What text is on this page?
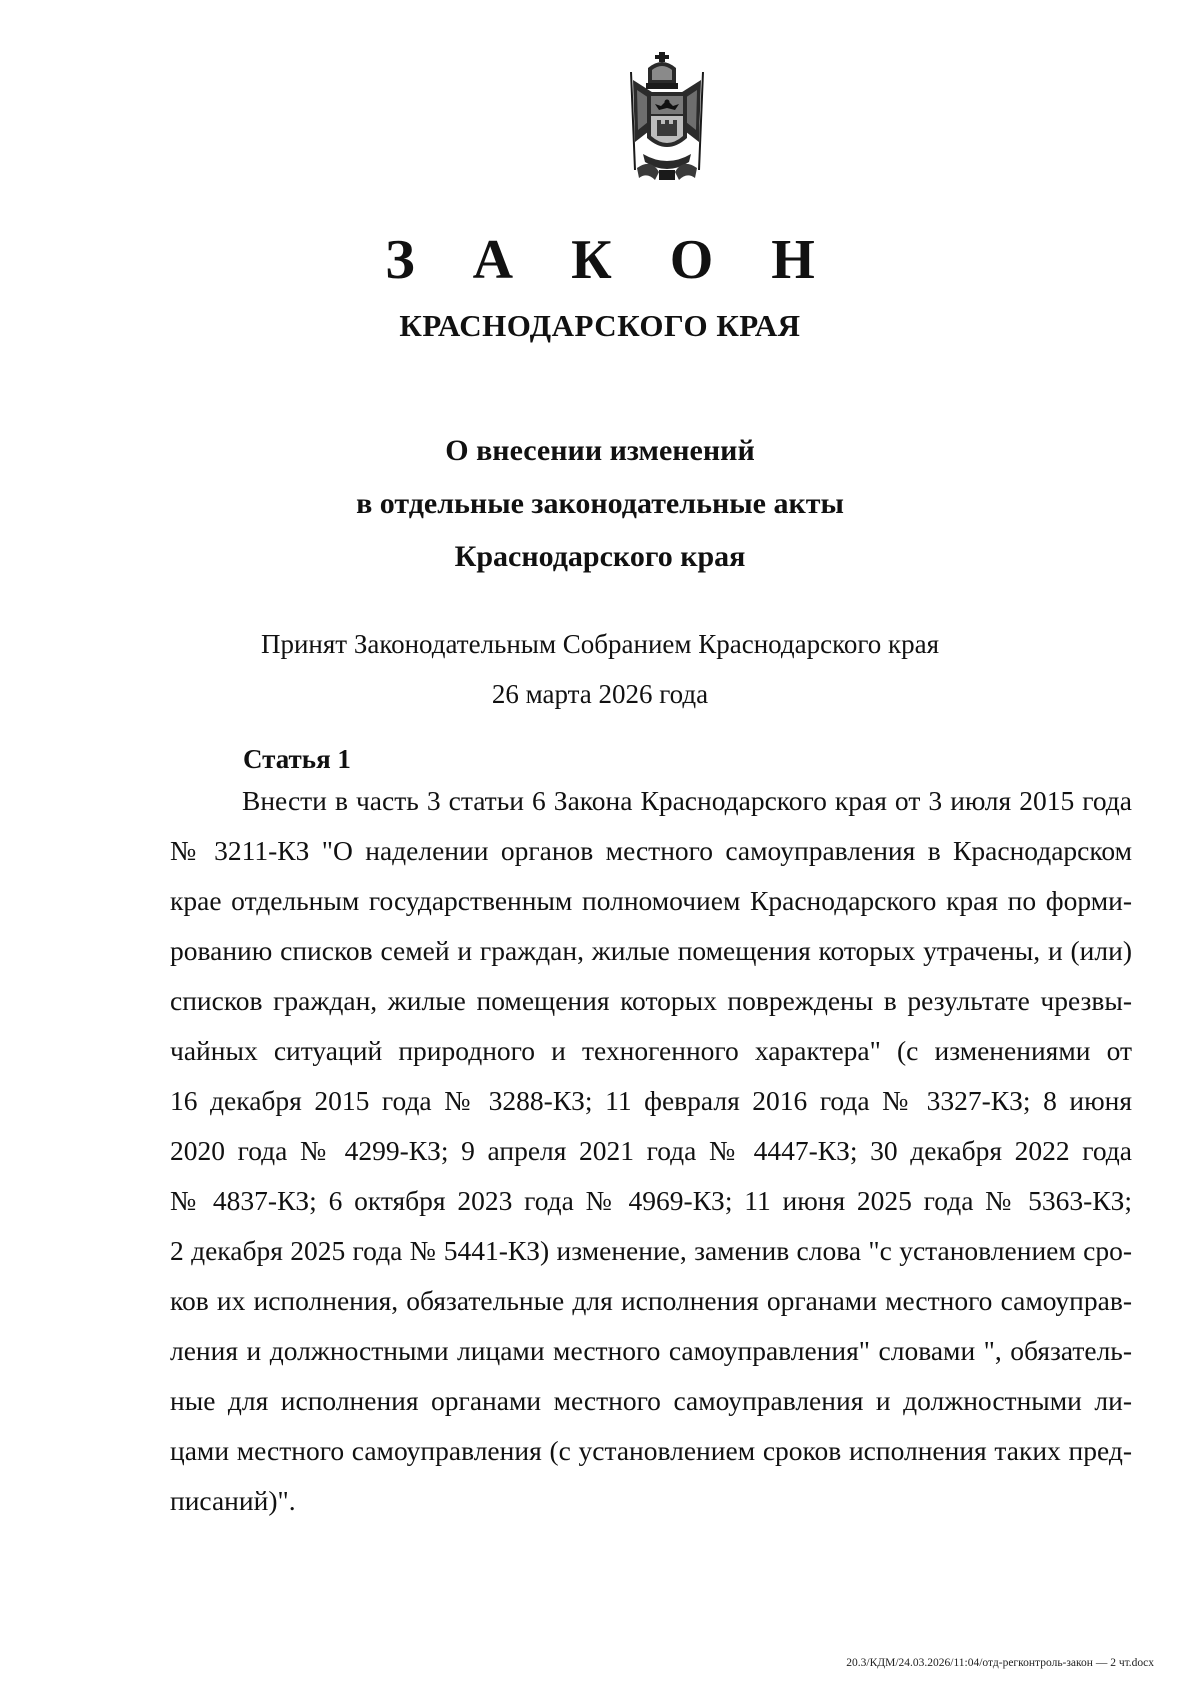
З А К О Н
КРАСНОДАРСКОГО КРАЯ
О внесении изменений
в отдельные законодательные акты
Краснодарского края
Принят Законодательным Собранием Краснодарского края
26 марта 2026 года
Статья 1
Внести в часть 3 статьи 6 Закона Краснодарского края от 3 июля 2015 года
№ 3211-КЗ "О наделении органов местного самоуправления в Краснодарском
крае отдельным государственным полномочием Краснодарского края по форми-
рованию списков семей и граждан, жилые помещения которых утрачены, и (или)
списков граждан, жилые помещения которых повреждены в результате чрезвы-
чайных ситуаций природного и техногенного характера" (с изменениями от
16 декабря 2015 года № 3288-КЗ; 11 февраля 2016 года № 3327-КЗ; 8 июня
2020 года № 4299-КЗ; 9 апреля 2021 года № 4447-КЗ; 30 декабря 2022 года
№ 4837-КЗ; 6 октября 2023 года № 4969-КЗ; 11 июня 2025 года № 5363-КЗ;
2 декабря 2025 года № 5441-КЗ) изменение, заменив слова "с установлением сро-
ков их исполнения, обязательные для исполнения органами местного самоуправ-
ления и должностными лицами местного самоуправления" словами ", обязатель-
ные для исполнения органами местного самоуправления и должностными ли-
цами местного самоуправления (с установлением сроков исполнения таких пред-
писаний)".
20.3/КДМ/24.03.2026/11:04/отд-регконтроль-закон — 2 чт.docx
